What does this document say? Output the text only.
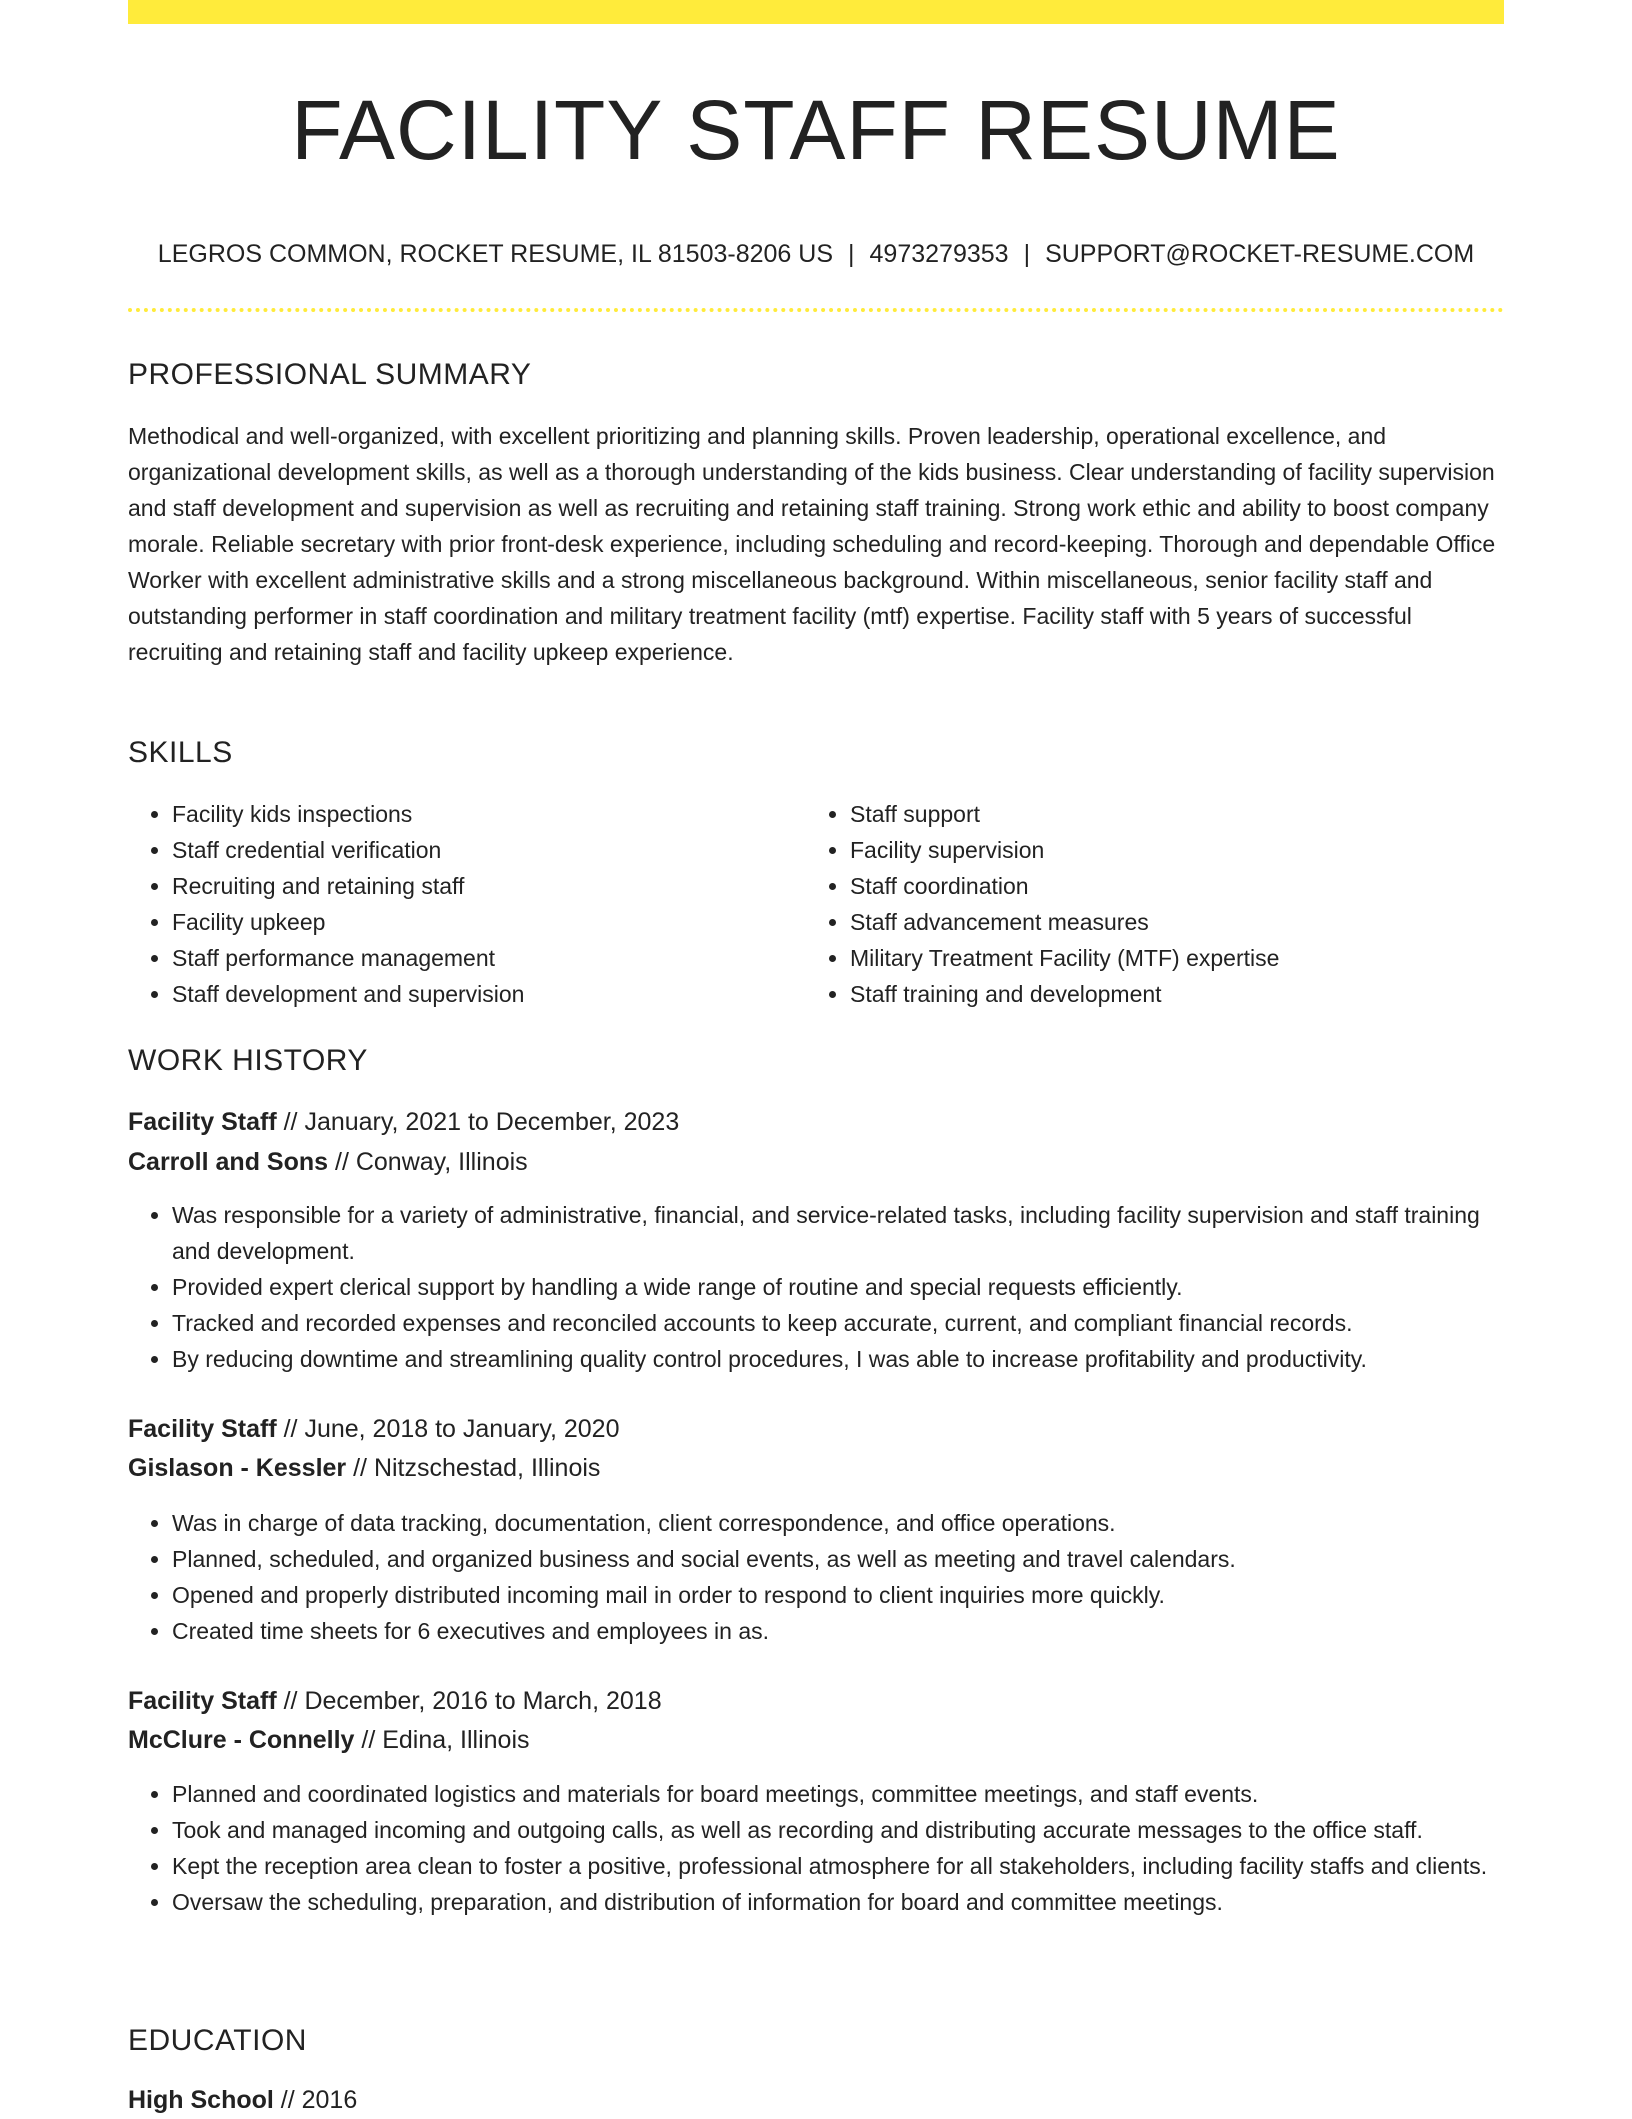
FACILITY STAFF RESUME
LEGROS COMMON, ROCKET RESUME, IL 81503-8206 US | 4973279353 | SUPPORT@ROCKET-RESUME.COM
PROFESSIONAL SUMMARY

Methodical and well-organized, with excellent prioritizing and planning skills. Proven leadership, operational excellence, and organizational development skills, as well as a thorough understanding of the kids business. Clear understanding of facility supervision and staff development and supervision as well as recruiting and retaining staff training. Strong work ethic and ability to boost company morale. Reliable secretary with prior front-desk experience, including scheduling and record-keeping. Thorough and dependable Office Worker with excellent administrative skills and a strong miscellaneous background. Within miscellaneous, senior facility staff and outstanding performer in staff coordination and military treatment facility (mtf) expertise. Facility staff with 5 years of successful recruiting and retaining staff and facility upkeep experience.

SKILLS
• Facility kids inspections
• Staff credential verification
• Recruiting and retaining staff
• Facility upkeep
• Staff performance management
• Staff development and supervision
• Staff support
• Facility supervision
• Staff coordination
• Staff advancement measures
• Military Treatment Facility (MTF) expertise
• Staff training and development
WORK HISTORY
Facility Staff // January, 2021 to December, 2023
Carroll and Sons // Conway, Illinois
• Was responsible for a variety of administrative, financial, and service-related tasks, including facility supervision and staff training and development.
• Provided expert clerical support by handling a wide range of routine and special requests efficiently.
• Tracked and recorded expenses and reconciled accounts to keep accurate, current, and compliant financial records.
• By reducing downtime and streamlining quality control procedures, I was able to increase profitability and productivity.
Facility Staff // June, 2018 to January, 2020
Gislason - Kessler // Nitzschestad, Illinois
• Was in charge of data tracking, documentation, client correspondence, and office operations.
• Planned, scheduled, and organized business and social events, as well as meeting and travel calendars.
• Opened and properly distributed incoming mail in order to respond to client inquiries more quickly.
• Created time sheets for 6 executives and employees in as.
Facility Staff // December, 2016 to March, 2018
McClure - Connelly // Edina, Illinois
• Planned and coordinated logistics and materials for board meetings, committee meetings, and staff events.
• Took and managed incoming and outgoing calls, as well as recording and distributing accurate messages to the office staff.
• Kept the reception area clean to foster a positive, professional atmosphere for all stakeholders, including facility staffs and clients.
• Oversaw the scheduling, preparation, and distribution of information for board and committee meetings.
EDUCATION
High School // 2016
